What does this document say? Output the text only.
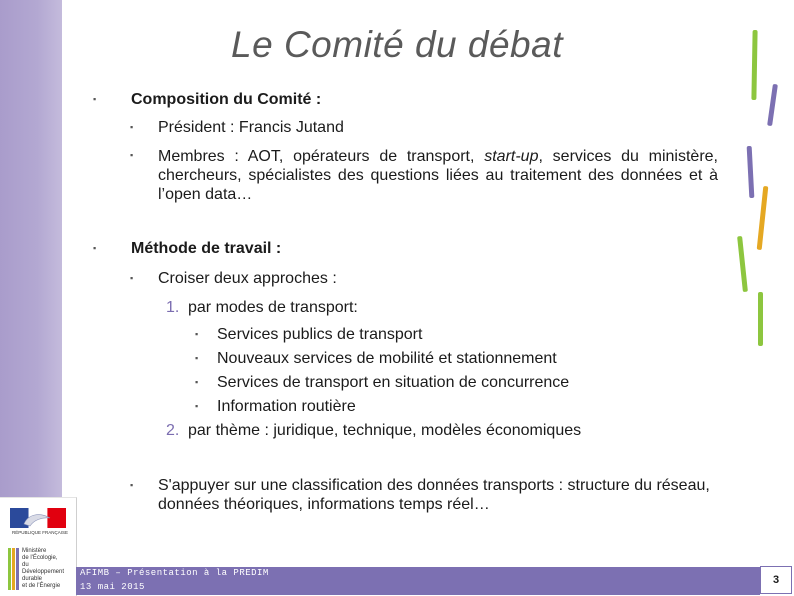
Le Comité du débat
▪ Composition du Comité :
▪ Président : Francis Jutand
▪ Membres : AOT, opérateurs de transport, start-up, services du ministère, chercheurs, spécialistes des questions liées au traitement des données et à l’open data…
▪ Méthode de travail :
▪ Croiser deux approches :
1. par modes de transport:
▪ Services publics de transport
▪ Nouveaux services de mobilité et stationnement
▪ Services de transport en situation de concurrence
▪ Information routière
2. par thème : juridique, technique, modèles économiques
▪ S'appuyer sur une classification des données transports : structure du réseau, données théoriques, informations temps réel…
RÉPUBLIQUE FRANÇAISE
Ministère
de l'Écologie,
du Développement
durable
et de l'Énergie
AFIMB – Présentation à la PREDIM
13 mai 2015
3
